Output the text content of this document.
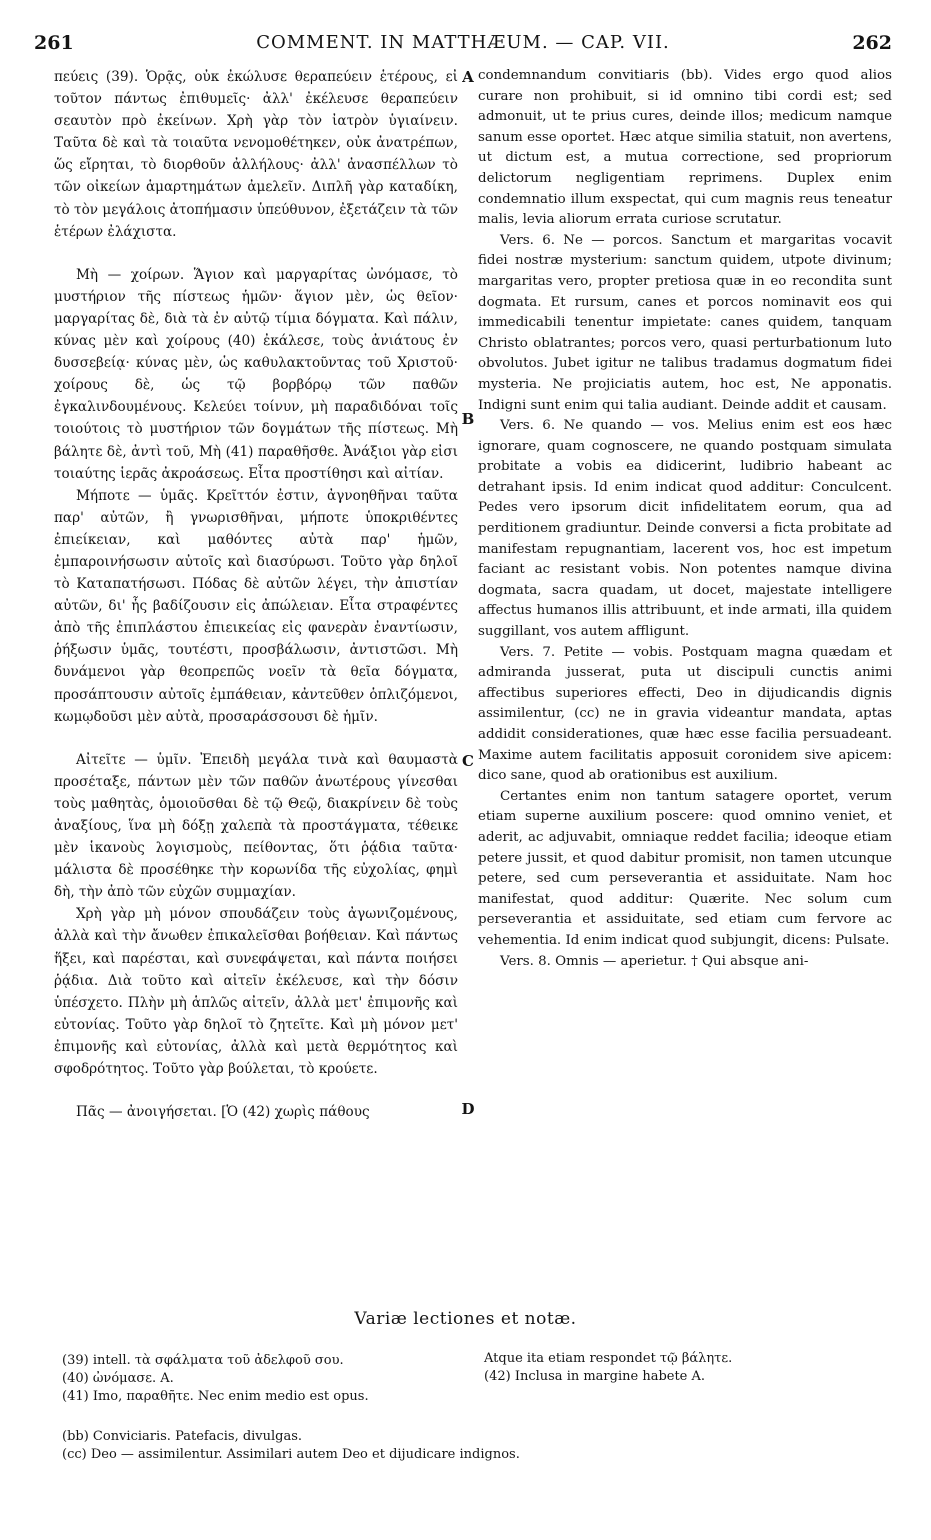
261	COMMENT. IN MATTHÆUM. — CAP. VII.	262

πεύεις (39). Ὁρᾷς, οὐκ ἐκώλυσε θεραπεύειν ἑτέρους, εἰ τοῦτον πάντως ἐπιθυμεῖς· ἀλλ' ἐκέλευσε θεραπεύειν σεαυτὸν πρὸ ἐκείνων. Χρὴ γὰρ τὸν ἰατρὸν ὑγιαίνειν. Ταῦτα δὲ καὶ τὰ τοιαῦτα νενομοθέτηκεν, οὐκ ἀνατρέπων, ὥς εἴρηται, τὸ διορθοῦν ἀλλήλους· ἀλλ' ἀνασπέλλων τὸ τῶν οἰκείων ἁμαρτημάτων ἀμελεῖν. Διπλῆ γὰρ καταδίκη, τὸ τὸν μεγάλοις ἀτοπήμασιν ὑπεύθυνον, ἐξετάζειν τὰ τῶν ἑτέρων ἐλάχιστα.

Μὴ — χοίρων. Ἅγιον καὶ μαργαρίτας ὠνόμασε, τὸ μυστήριον τῆς πίστεως ἡμῶν· ἅγιον μὲν, ὡς θεῖον· μαργαρίτας δὲ, διὰ τὰ ἐν αὐτῷ τίμια δόγματα. Καὶ πάλιν, κύνας μὲν καὶ χοίρους (40) ἐκάλεσε, τοὺς ἀνιάτους ἐν δυσσεβείᾳ· κύνας μὲν, ὡς καθυλακτοῦντας τοῦ Χριστοῦ· χοίρους δὲ, ὡς τῷ βορβόρῳ τῶν παθῶν ἐγκαλινδουμένους. Κελεύει τοίνυν, μὴ παραδιδόναι τοῖς τοιούτοις τὸ μυστήριον τῶν δογμάτων τῆς πίστεως. Μὴ βάλητε δὲ, ἀντὶ τοῦ, Μὴ (41) παραθῆσθε. Ἀνάξιοι γὰρ εἰσι τοιαύτης ἱερᾶς ἀκροάσεως. Εἶτα προστίθησι καὶ αἰτίαν.

Μήποτε — ὑμᾶς. Κρεῖττόν ἐστιν, ἀγνοηθῆναι ταῦτα παρ' αὐτῶν, ἢ γνωρισθῆναι, μήποτε ὑποκριθέντες ἐπιείκειαν, καὶ μαθόντες αὐτὰ παρ' ἡμῶν, ἐμπαροινήσωσιν αὐτοῖς καὶ διασύρωσι. Τοῦτο γὰρ δηλοῖ τὸ Καταπατήσωσι. Πόδας δὲ αὐτῶν λέγει, τὴν ἀπιστίαν αὐτῶν, δι' ἧς βαδίζουσιν εἰς ἀπώλειαν. Εἶτα στραφέντες ἀπὸ τῆς ἐπιπλάστου ἐπιεικείας εἰς φανερὰν ἐναντίωσιν, ῥήξωσιν ὑμᾶς, τουτέστι, προσβάλωσιν, ἀντιστῶσι. Μὴ δυνάμενοι γὰρ θεοπρεπῶς νοεῖν τὰ θεῖα δόγματα, προσάπτουσιν αὐτοῖς ἐμπάθειαν, κἀντεῦθεν ὁπλιζόμενοι, κωμῳδοῦσι μὲν αὐτὰ, προσαράσσουσι δὲ ἡμῖν.

Αἰτεῖτε — ὑμῖν. Ἐπειδὴ μεγάλα τινὰ καὶ θαυμαστὰ προσέταξε, πάντων μὲν τῶν παθῶν ἀνωτέρους γίνεσθαι τοὺς μαθητὰς, ὁμοιοῦσθαι δὲ τῷ Θεῷ, διακρίνειν δὲ τοὺς ἀναξίους, ἵνα μὴ δόξῃ χαλεπὰ τὰ προστάγματα, τέθεικε μὲν ἱκανοὺς λογισμοὺς, πείθοντας, ὅτι ῥᾴδια ταῦτα· μάλιστα δὲ προσέθηκε τὴν κορωνίδα τῆς εὐχολίας, φημὶ δὴ, τὴν ἀπὸ τῶν εὐχῶν συμμαχίαν.

Χρὴ γὰρ μὴ μόνον σπουδάζειν τοὺς ἀγωνιζομένους, ἀλλὰ καὶ τὴν ἄνωθεν ἐπικαλεῖσθαι βοήθειαν. Καὶ πάντως ἥξει, καὶ παρέσται, καὶ συνεφάψεται, καὶ πάντα ποιήσει ῥᾴδια. Διὰ τοῦτο καὶ αἰτεῖν ἐκέλευσε, καὶ τὴν δόσιν ὑπέσχετο. Πλὴν μὴ ἁπλῶς αἰτεῖν, ἀλλὰ μετ' ἐπιμονῆς καὶ εὐτονίας. Τοῦτο γὰρ δηλοῖ τὸ ζητεῖτε. Καὶ μὴ μόνον μετ' ἐπιμονῆς καὶ εὐτονίας, ἀλλὰ καὶ μετὰ θερμότητος καὶ σφοδρότητος. Τοῦτο γὰρ βούλεται, τὸ κρούετε.

Πᾶς — ἀνοιγήσεται. [Ὁ (42) χωρὶς πάθους

A
B
C
D

condemnandum convitiaris (bb). Vides ergo quod alios curare non prohibuit, si id omnino tibi cordi est; sed admonuit, ut te prius cures, deinde illos; medicum namque sanum esse oportet. Hæc atque similia statuit, non avertens, ut dictum est, a mutua correctione, sed propriorum delictorum negligentiam reprimens. Duplex enim condemnatio illum exspectat, qui cum magnis reus teneatur malis, levia aliorum errata curiose scrutatur.

Vers. 6. Ne — porcos. Sanctum et margaritas vocavit fidei nostræ mysterium: sanctum quidem, utpote divinum; margaritas vero, propter pretiosa quæ in eo recondita sunt dogmata. Et rursum, canes et porcos nominavit eos qui immedicabili tenentur impietate: canes quidem, tanquam Christo oblatrantes; porcos vero, quasi perturbationum luto obvolutos. Jubet igitur ne talibus tradamus dogmatum fidei mysteria. Ne projiciatis autem, hoc est, Ne apponatis. Indigni sunt enim qui talia audiant. Deinde addit et causam.

Vers. 6. Ne quando — vos. Melius enim est eos hæc ignorare, quam cognoscere, ne quando postquam simulata probitate a vobis ea didicerint, ludibrio habeant ac detrahant ipsis. Id enim indicat quod additur: Conculcent. Pedes vero ipsorum dicit infidelitatem eorum, qua ad perditionem gradiuntur. Deinde conversi a ficta probitate ad manifestam repugnantiam, lacerent vos, hoc est impetum faciant ac resistant vobis. Non potentes namque divina dogmata, sacra quadam, ut docet, majestate intelligere affectus humanos illis attribuunt, et inde armati, illa quidem suggillant, vos autem affligunt.

Vers. 7. Petite — vobis. Postquam magna quædam et admiranda jusserat, puta ut discipuli cunctis animi affectibus superiores effecti, Deo in dijudicandis dignis assimilentur, (cc) ne in gravia videantur mandata, aptas addidit considerationes, quæ hæc esse facilia persuadeant. Maxime autem facilitatis apposuit coronidem sive apicem: dico sane, quod ab orationibus est auxilium.

Certantes enim non tantum satagere oportet, verum etiam superne auxilium poscere: quod omnino veniet, et aderit, ac adjuvabit, omniaque reddet facilia; ideoque etiam petere jussit, et quod dabitur promisit, non tamen utcunque petere, sed cum perseverantia et assiduitate. Nam hoc manifestat, quod additur: Quærite. Nec solum cum perseverantia et assiduitate, sed etiam cum fervore ac vehementia. Id enim indicat quod subjungit, dicens: Pulsate.

Vers. 8. Omnis — aperietur. † Qui absque ani-

Variæ lectiones et notæ.

(39) intell. τὰ σφάλματα τοῦ ἀδελφοῦ σου.

(40) ὠνόμασε. A.

(41) Imo, παραθῆτε. Nec enim medio est opus.

Atque ita etiam respondet τῷ βάλητε.

(42) Inclusa in margine habete A.

(bb) Conviciaris. Patefacis, divulgas.

(cc) Deo — assimilentur. Assimilari autem Deo et dijudicare indignos.
